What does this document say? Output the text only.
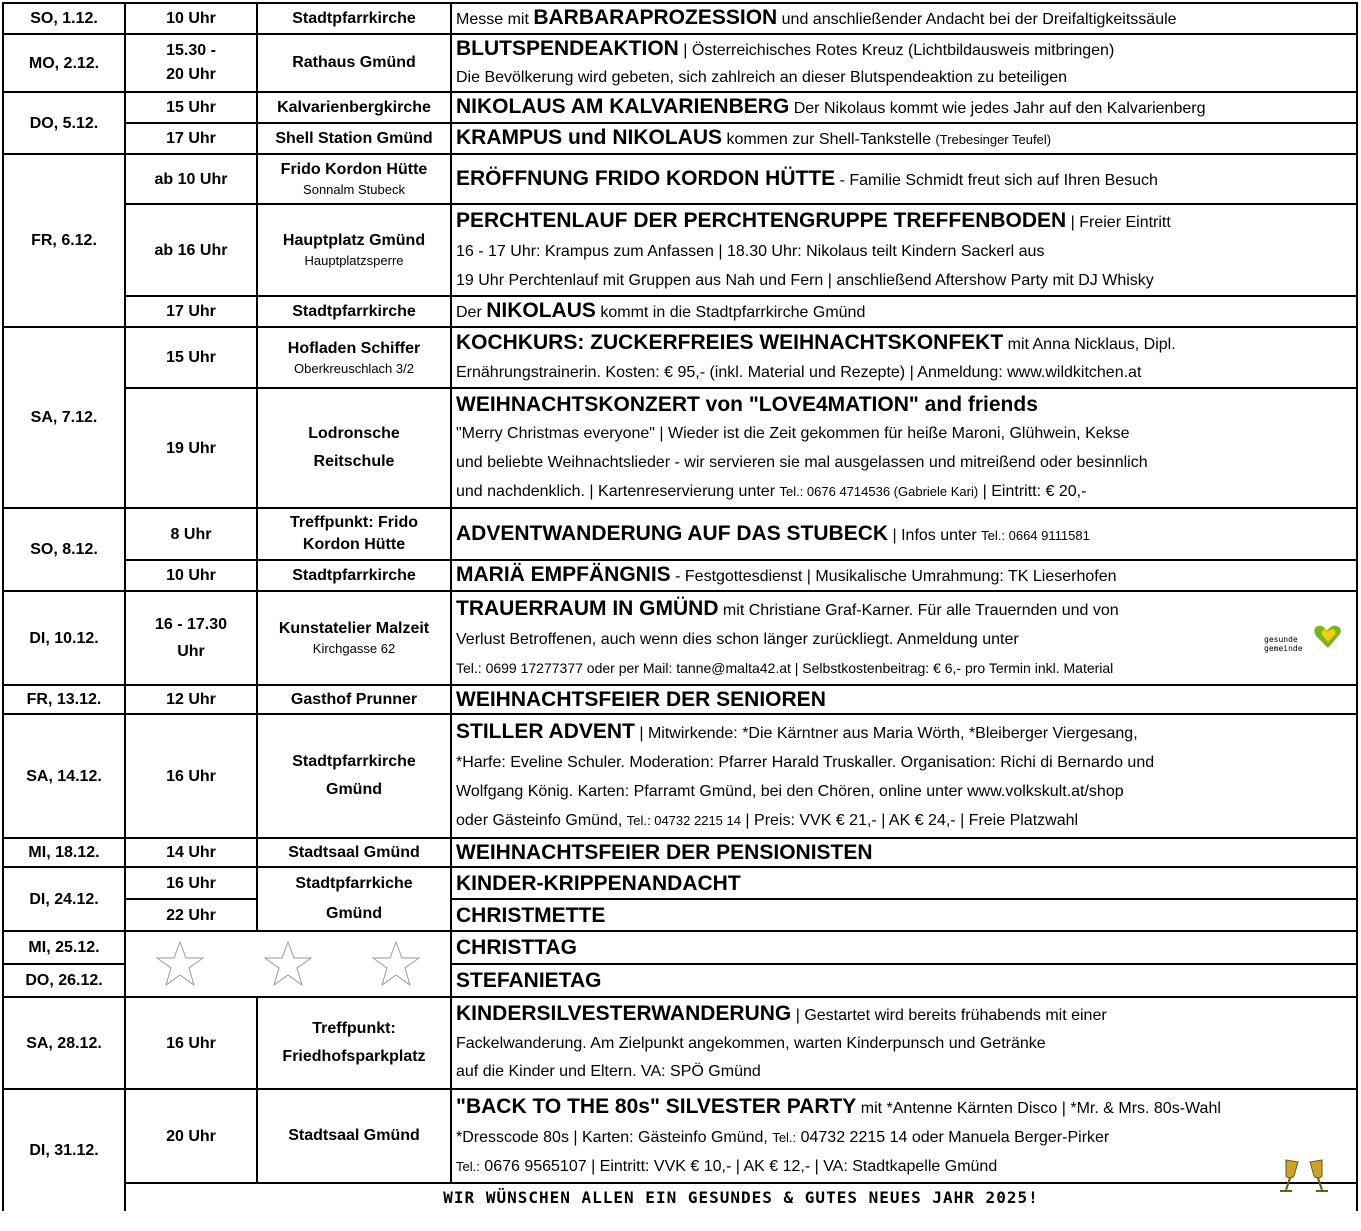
SO, 1.12.	10 Uhr	Stadtpfarrkirche	Messe mit BARBARAPROZESSION und anschließender Andacht bei der Dreifaltigkeitssäule

MO, 2.12.	15.30 -
20 Uhr	Rathaus Gmünd	BLUTSPENDEAKTION | Österreichisches Rotes Kreuz (Lichtbildausweis mitbringen)
Die Bevölkerung wird gebeten, sich zahlreich an dieser Blutspendeaktion zu beteiligen

DO, 5.12.	15 Uhr	Kalvarienbergkirche	NIKOLAUS AM KALVARIENBERG Der Nikolaus kommt wie jedes Jahr auf den Kalvarienberg

	17 Uhr	Shell Station Gmünd	KRAMPUS und NIKOLAUS kommen zur Shell-Tankstelle (Trebesinger Teufel)

FR, 6.12.	ab 10 Uhr	Frido Kordon Hütte
Sonnalm Stubeck	ERÖFFNUNG FRIDO KORDON HÜTTE - Familie Schmidt freut sich auf Ihren Besuch

	ab 16 Uhr	Hauptplatz Gmünd
Hauptplatzsperre	PERCHTENLAUF DER PERCHTENGRUPPE TREFFENBODEN | Freier Eintritt
16 - 17 Uhr: Krampus zum Anfassen | 18.30 Uhr: Nikolaus teilt Kindern Sackerl aus
19 Uhr Perchtenlauf mit Gruppen aus Nah und Fern | anschließend Aftershow Party mit DJ Whisky

	17 Uhr	Stadtpfarrkirche	Der NIKOLAUS kommt in die Stadtpfarrkirche Gmünd

SA, 7.12.	15 Uhr	Hofladen Schiffer
Oberkreuschlach 3/2	KOCHKURS: ZUCKERFREIES WEIHNACHTSKONFEKT mit Anna Nicklaus, Dipl.
Ernährungstrainerin. Kosten: € 95,- (inkl. Material und Rezepte) | Anmeldung: www.wildkitchen.at

	19 Uhr	Lodronsche
Reitschule	WEIHNACHTSKONZERT von "LOVE4MATION" and friends
"Merry Christmas everyone" | Wieder ist die Zeit gekommen für heiße Maroni, Glühwein, Kekse
und beliebte Weihnachtslieder - wir servieren sie mal ausgelassen und mitreißend oder besinnlich
und nachdenklich. | Kartenreservierung unter Tel.: 0676 4714536 (Gabriele Kari) | Eintritt: € 20,-

SO, 8.12.	8 Uhr	Treffpunkt: Frido
Kordon Hütte	ADVENTWANDERUNG AUF DAS STUBECK | Infos unter Tel.: 0664 9111581

	10 Uhr	Stadtpfarrkirche	MARIÄ EMPFÄNGNIS - Festgottesdienst | Musikalische Umrahmung: TK Lieserhofen

DI, 10.12.	16 - 17.30
Uhr	Kunstatelier Malzeit
Kirchgasse 62	TRAUERRAUM IN GMÜND mit Christiane Graf-Karner. Für alle Trauernden und von
Verlust Betroffenen, auch wenn dies schon länger zurückliegt. Anmeldung unter
Tel.: 0699 17277377 oder per Mail: tanne@malta42.at | Selbstkostenbeitrag: € 6,- pro Termin inkl. Material
gesunde
gemeinde

FR, 13.12.	12 Uhr	Gasthof Prunner	WEIHNACHTSFEIER DER SENIOREN

SA, 14.12.	16 Uhr	Stadtpfarrkirche
Gmünd	STILLER ADVENT | Mitwirkende: *Die Kärntner aus Maria Wörth, *Bleiberger Viergesang,
*Harfe: Eveline Schuler. Moderation: Pfarrer Harald Truskaller. Organisation: Richi di Bernardo und
Wolfgang König. Karten: Pfarramt Gmünd, bei den Chören, online unter www.volkskult.at/shop
oder Gästeinfo Gmünd, Tel.: 04732 2215 14 | Preis: VVK € 21,- | AK € 24,- | Freie Platzwahl

MI, 18.12.	14 Uhr	Stadtsaal Gmünd	WEIHNACHTSFEIER DER PENSIONISTEN

DI, 24.12.	16 Uhr	Stadtpfarrkiche
Gmünd	KINDER-KRIPPENANDACHT

	22 Uhr		CHRISTMETTE

MI, 25.12.			CHRISTTAG

DO, 26.12.			STEFANIETAG

SA, 28.12.	16 Uhr	Treffpunkt:
Friedhofsparkplatz	KINDERSILVESTERWANDERUNG | Gestartet wird bereits frühabends mit einer
Fackelwanderung. Am Zielpunkt angekommen, warten Kinderpunsch und Getränke
auf die Kinder und Eltern. VA: SPÖ Gmünd

DI, 31.12.	20 Uhr	Stadtsaal Gmünd	"BACK TO THE 80s" SILVESTER PARTY mit *Antenne Kärnten Disco | *Mr. & Mrs. 80s-Wahl
*Dresscode 80s | Karten: Gästeinfo Gmünd, Tel.: 04732 2215 14 oder Manuela Berger-Pirker
Tel.: 0676 9565107 | Eintritt: VVK € 10,- | AK € 12,- | VA: Stadtkapelle Gmünd

	WIR WÜNSCHEN ALLEN EIN GESUNDES & GUTES NEUES JAHR 2025!		
